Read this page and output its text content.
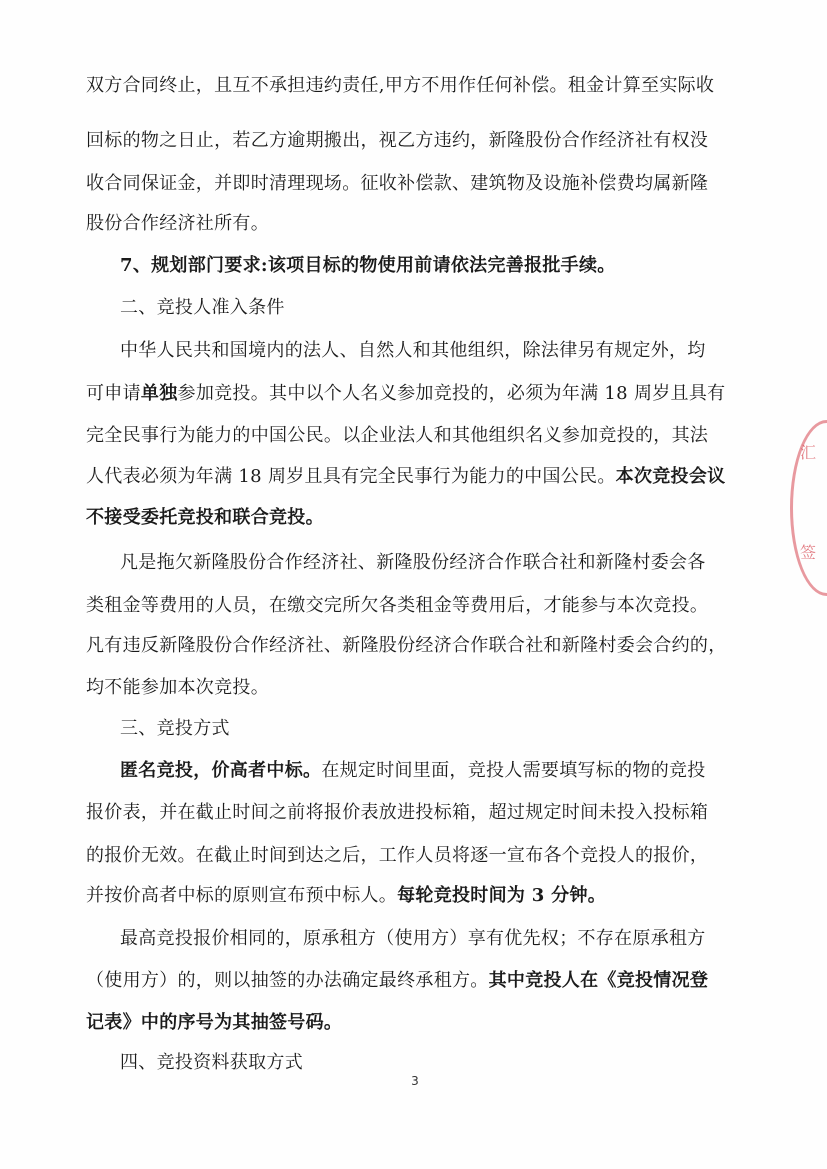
双方合同终止，且互不承担违约责任,甲方不用作任何补偿。租金计算至实际收
回标的物之日止，若乙方逾期搬出，视乙方违约，新隆股份合作经济社有权没
收合同保证金，并即时清理现场。征收补偿款、建筑物及设施补偿费均属新隆
股份合作经济社所有。
7、规划部门要求:该项目标的物使用前请依法完善报批手续。
二、竞投人准入条件
中华人民共和国境内的法人、自然人和其他组织，除法律另有规定外，均
可申请单独参加竞投。其中以个人名义参加竞投的，必须为年满 18 周岁且具有
完全民事行为能力的中国公民。以企业法人和其他组织名义参加竞投的，其法
人代表必须为年满 18 周岁且具有完全民事行为能力的中国公民。本次竞投会议
不接受委托竞投和联合竞投。
凡是拖欠新隆股份合作经济社、新隆股份经济合作联合社和新隆村委会各
类租金等费用的人员，在缴交完所欠各类租金等费用后，才能参与本次竞投。
凡有违反新隆股份合作经济社、新隆股份经济合作联合社和新隆村委会合约的，
均不能参加本次竞投。
三、竞投方式
匿名竞投，价高者中标。在规定时间里面，竞投人需要填写标的物的竞投
报价表，并在截止时间之前将报价表放进投标箱，超过规定时间未投入投标箱
的报价无效。在截止时间到达之后，工作人员将逐一宣布各个竞投人的报价，
并按价高者中标的原则宣布预中标人。每轮竞投时间为 3 分钟。
最高竞投报价相同的，原承租方（使用方）享有优先权；不存在原承租方
（使用方）的，则以抽签的办法确定最终承租方。其中竞投人在《竞投情况登
记表》中的序号为其抽签号码。
四、竞投资料获取方式
汇
签
3
